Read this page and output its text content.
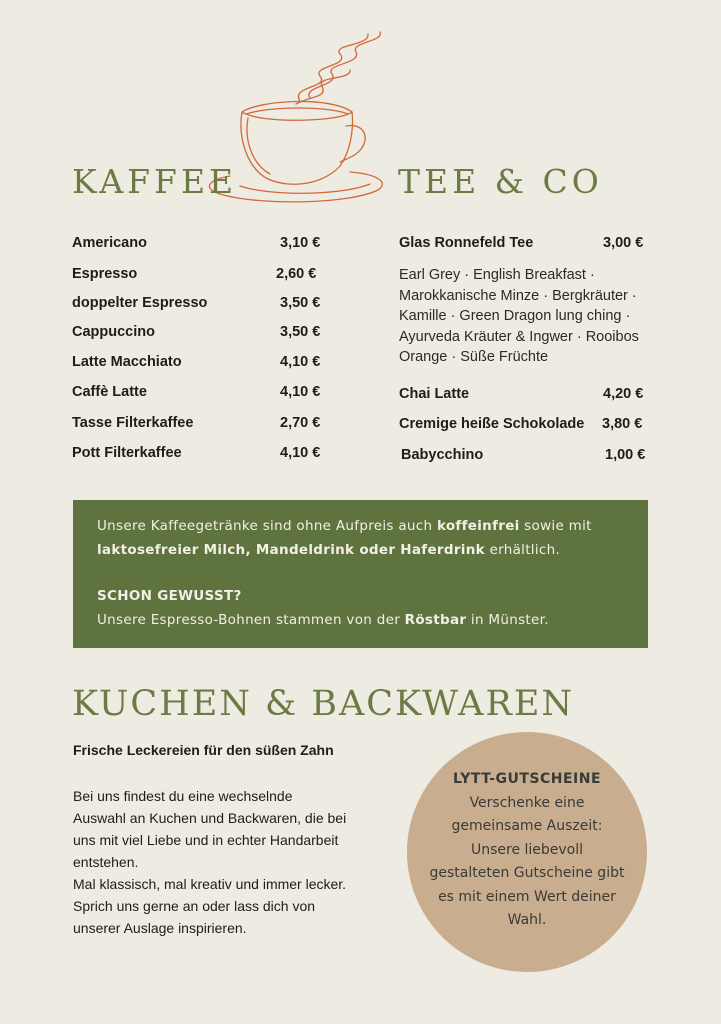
KAFFEE	TEE & CO
Americano	3,10 €
Espresso	2,60 €
doppelter Espresso	3,50 €
Cappuccino	3,50 €
Latte Macchiato	4,10 €
Caffè Latte	4,10 €
Tasse Filterkaffee	2,70 €
Pott Filterkaffee	4,10 €
Glas Ronnefeld Tee	3,00 €
Chai Latte	4,20 €
Cremige heiße Schokolade 3,80 €
Babycchino	1,00 €
Earl Grey · English Breakfast · Marokkanische Minze · Bergkräuter · Kamille · Green Dragon lung ching · Ayurveda Kräuter & Ingwer · Rooibos Orange · Süße Früchte

Unsere Kaffeegetränke sind ohne Aufpreis auch koffeinfrei sowie mit

laktosefreier Milch, Mandeldrink oder Haferdrink erhältlich.

SCHON GEWUSST?

Unsere Espresso-Bohnen stammen von der Röstbar in Münster.

KUCHEN & BACKWAREN
Frische Leckereien für den süßen Zahn
Bei uns findest du eine wechselnde
Auswahl an Kuchen und Backwaren, die bei
uns mit viel Liebe und in echter Handarbeit
entstehen.
Mal klassisch, mal kreativ und immer lecker.
Sprich uns gerne an oder lass dich von
unserer Auslage inspirieren.
LYTT-GUTSCHEINE
Verschenke eine
gemeinsame Auszeit:
Unsere liebevoll
gestalteten Gutscheine gibt
es mit einem Wert deiner
Wahl.
